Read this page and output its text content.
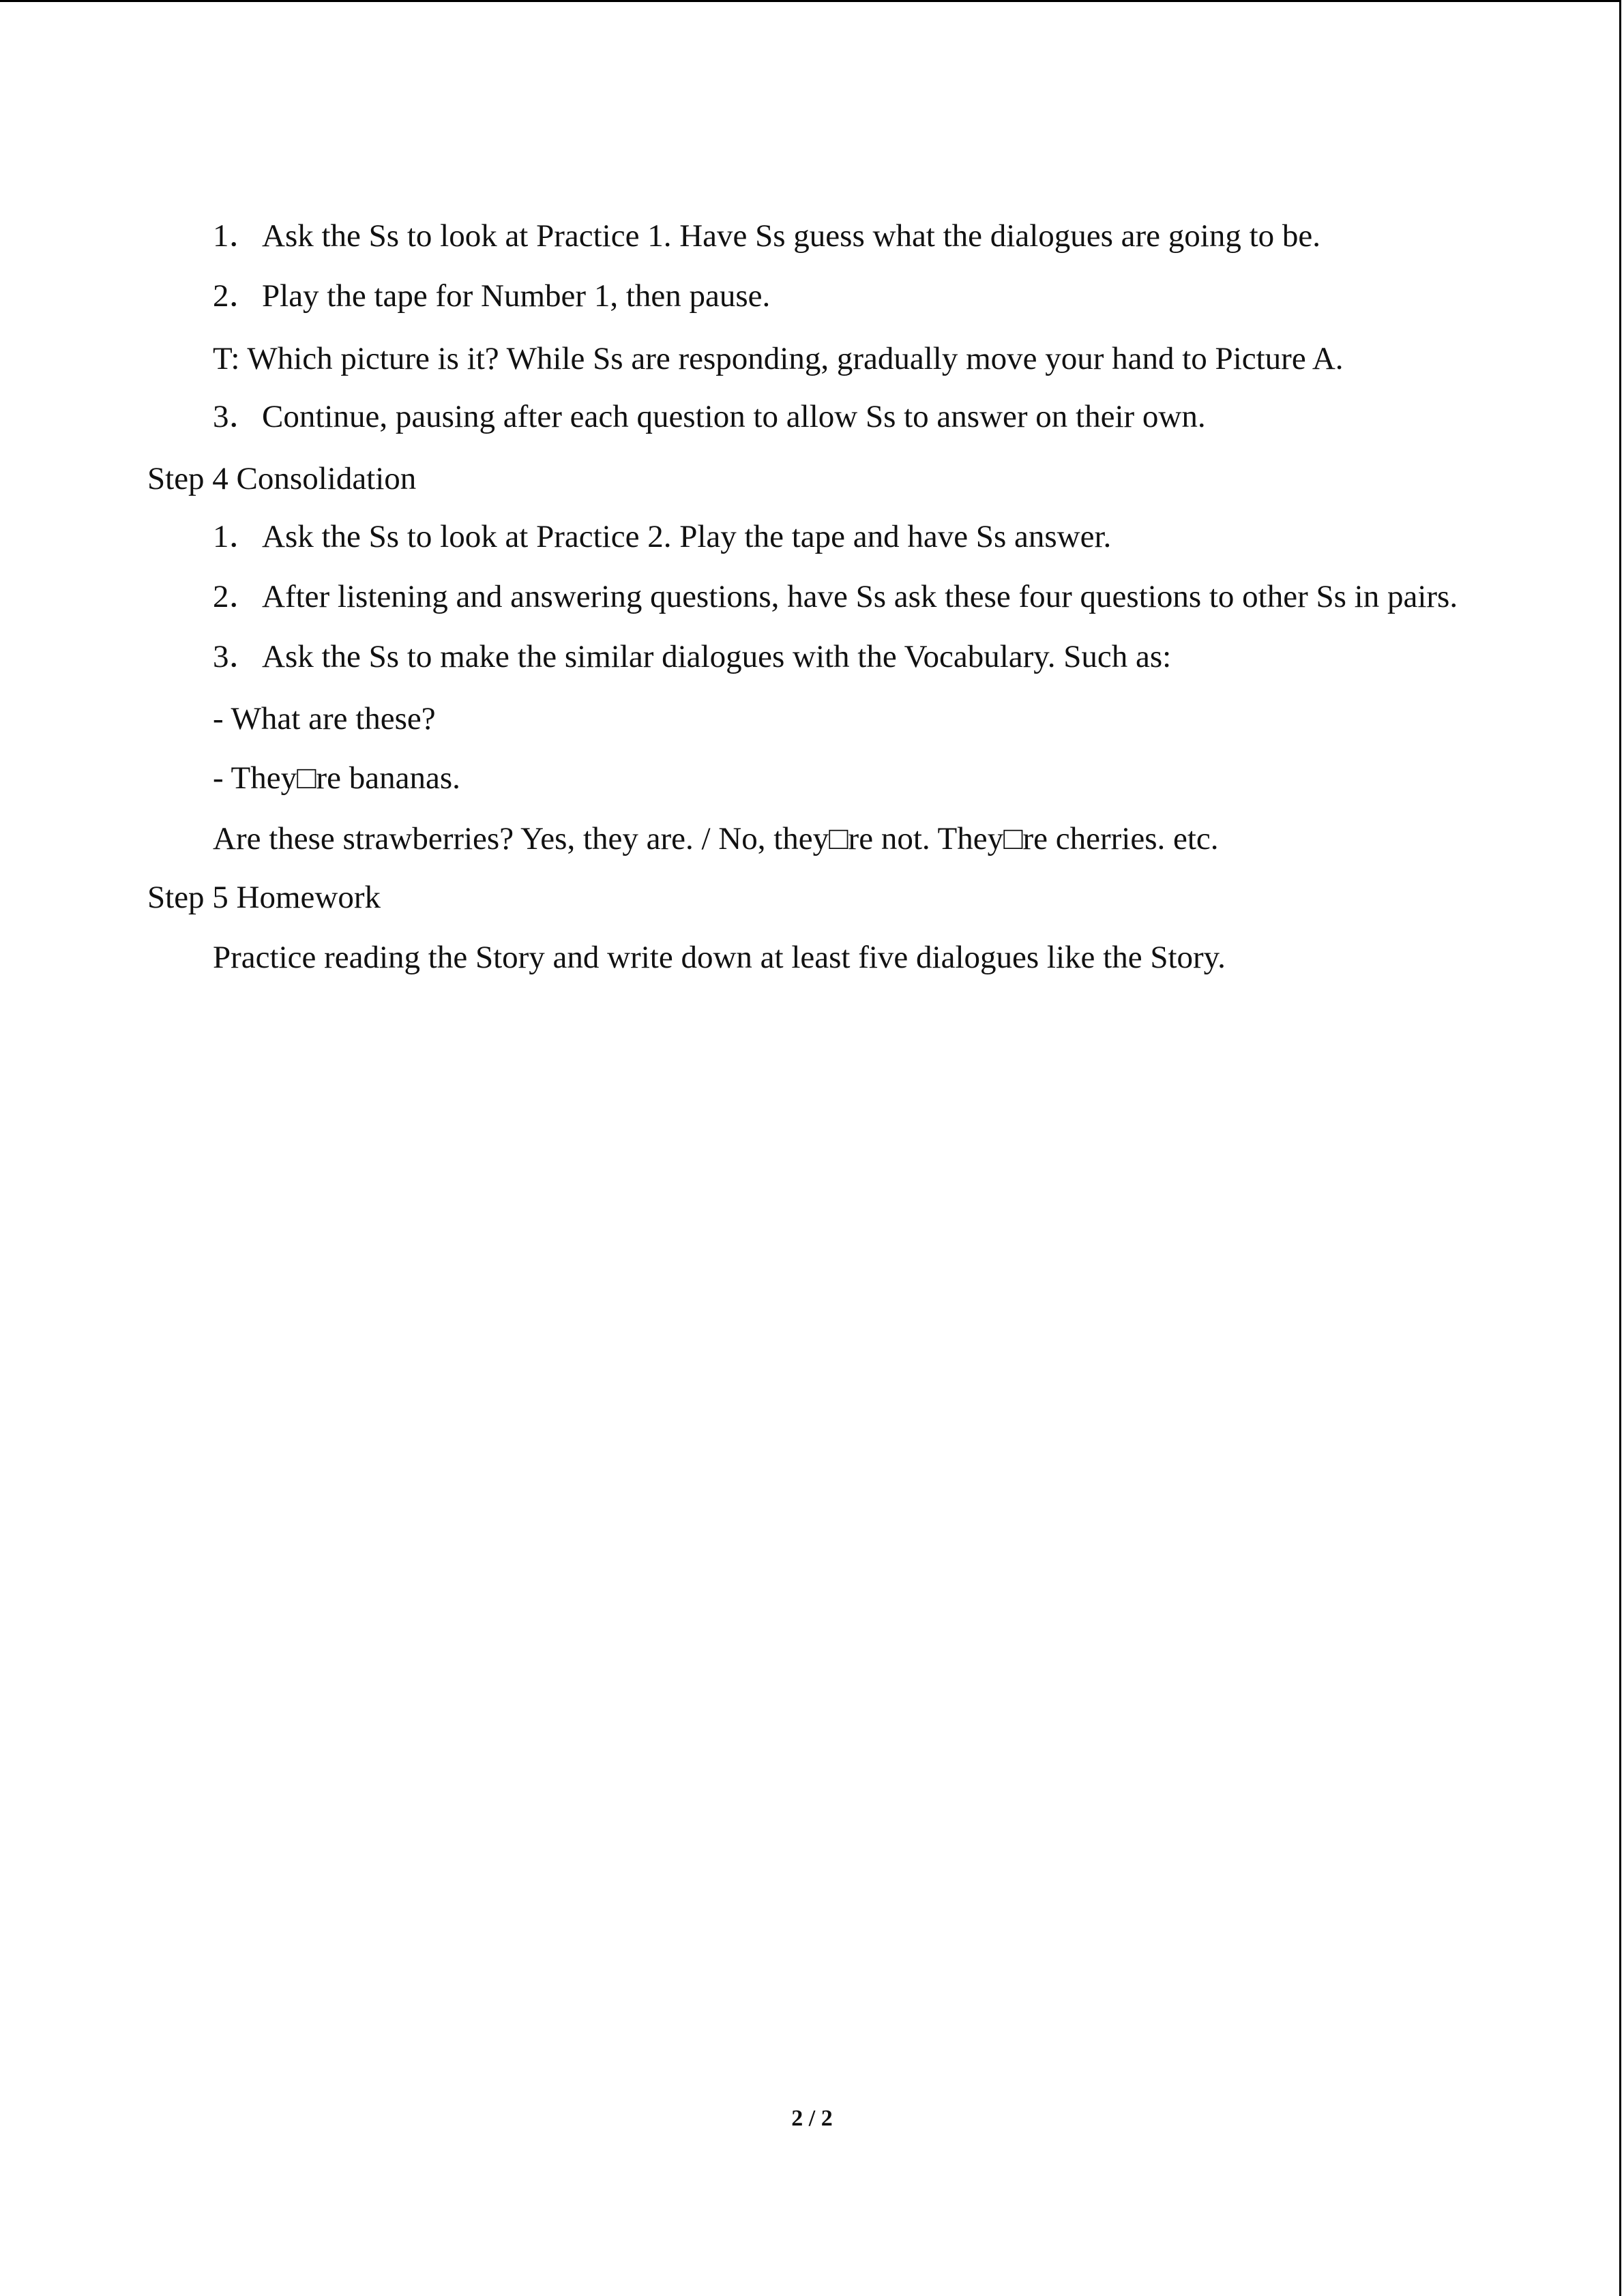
1．Ask the Ss to look at Practice 1. Have Ss guess what the dialogues are going to be.
2．Play the tape for Number 1, then pause.
T: Which picture is it? While Ss are responding, gradually move your hand to Picture A.
3．Continue, pausing after each question to allow Ss to answer on their own.
Step 4 Consolidation
1．Ask the Ss to look at Practice 2. Play the tape and have Ss answer.
2．After listening and answering questions, have Ss ask these four questions to other Ss in pairs.
3．Ask the Ss to make the similar dialogues with the Vocabulary. Such as:
- What are these?
- They□re bananas.
Are these strawberries? Yes, they are. / No, they□re not. They□re cherries. etc.
Step 5 Homework
Practice reading the Story and write down at least five dialogues like the Story.
2 / 2
